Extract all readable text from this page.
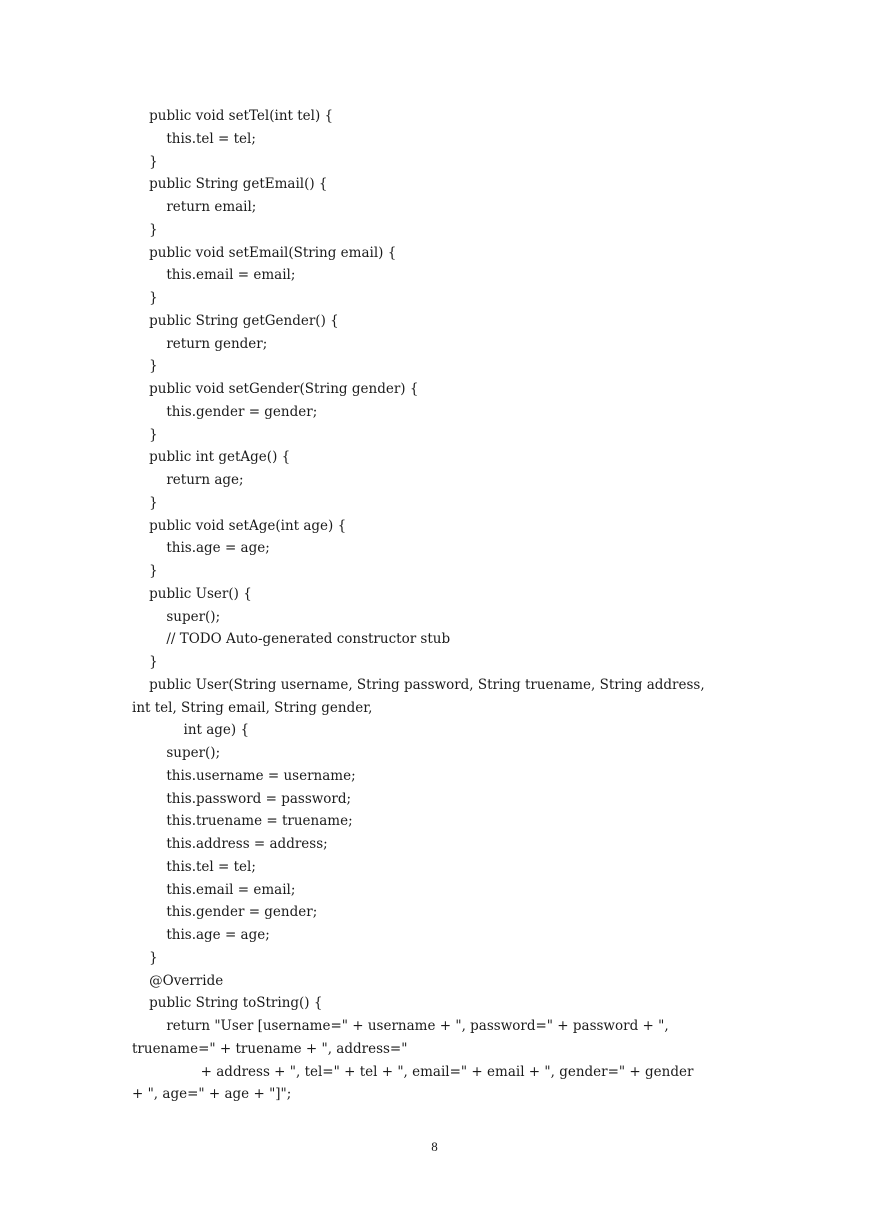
public void setTel(int tel) {
this.tel = tel;
}
public String getEmail() {
return email;
}
public void setEmail(String email) {
this.email = email;
}
public String getGender() {
return gender;
}
public void setGender(String gender) {
this.gender = gender;
}
public int getAge() {
return age;
}
public void setAge(int age) {
this.age = age;
}
public User() {
super();
// TODO Auto-generated constructor stub
}
public User(String username, String password, String truename, String address,
int tel, String email, String gender,
int age) {
super();
this.username = username;
this.password = password;
this.truename = truename;
this.address = address;
this.tel = tel;
this.email = email;
this.gender = gender;
this.age = age;
}
@Override
public String toString() {
return "User [username=" + username + ", password=" + password + ",
truename=" + truename + ", address="
+ address + ", tel=" + tel + ", email=" + email + ", gender=" + gender
+ ", age=" + age + "]";
8
